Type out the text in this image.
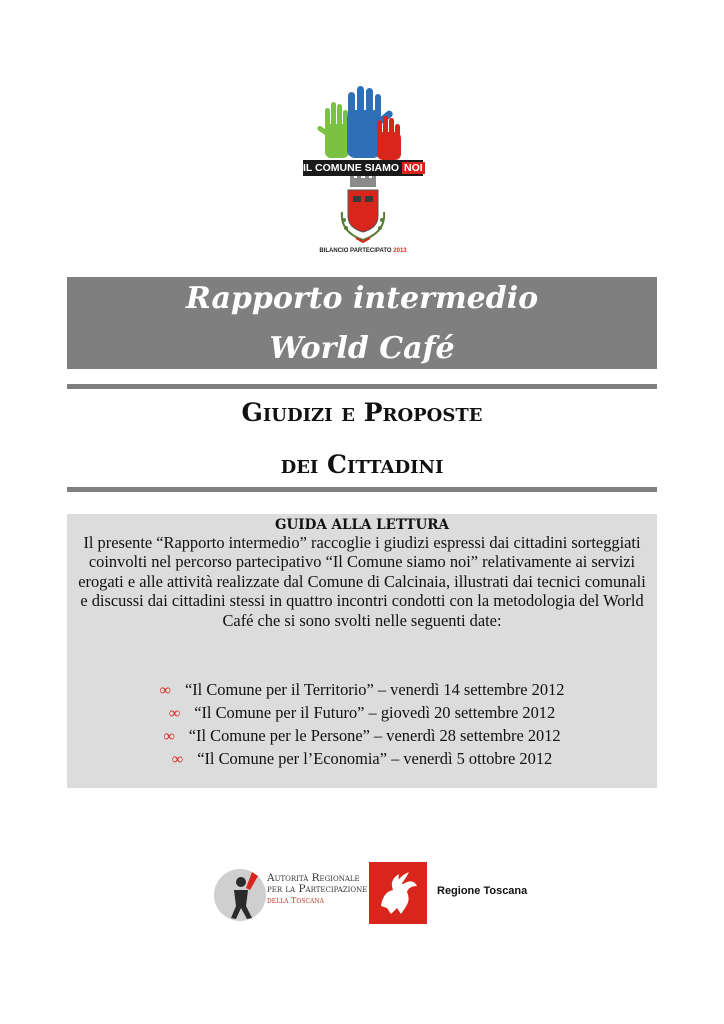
IL COMUNE SIAMO NOI
BILANCIO PARTECIPATO 2013
Rapporto intermedio
World Café
Giudizi e Proposte
dei Cittadini
GUIDA ALLA LETTURA
Il presente “Rapporto intermedio” raccoglie i giudizi espressi dai cittadini sorteggiati coinvolti nel percorso partecipativo “Il Comune siamo noi” relativamente ai servizi erogati e alle attività realizzate dal Comune di Calcinaia, illustrati dai tecnici comunali e discussi dai cittadini stessi in quattro incontri condotti con la metodologia del World Café che si sono svolti nelle seguenti date:
∞ “Il Comune per il Territorio” – venerdì 14 settembre 2012
∞ “Il Comune per il Futuro” – giovedì 20 settembre 2012
∞ “Il Comune per le Persone” – venerdì 28 settembre 2012
∞ “Il Comune per l’Economia” – venerdì 5 ottobre 2012
Autorità Regionale
per la Partecipazione
della Toscana
Regione Toscana
